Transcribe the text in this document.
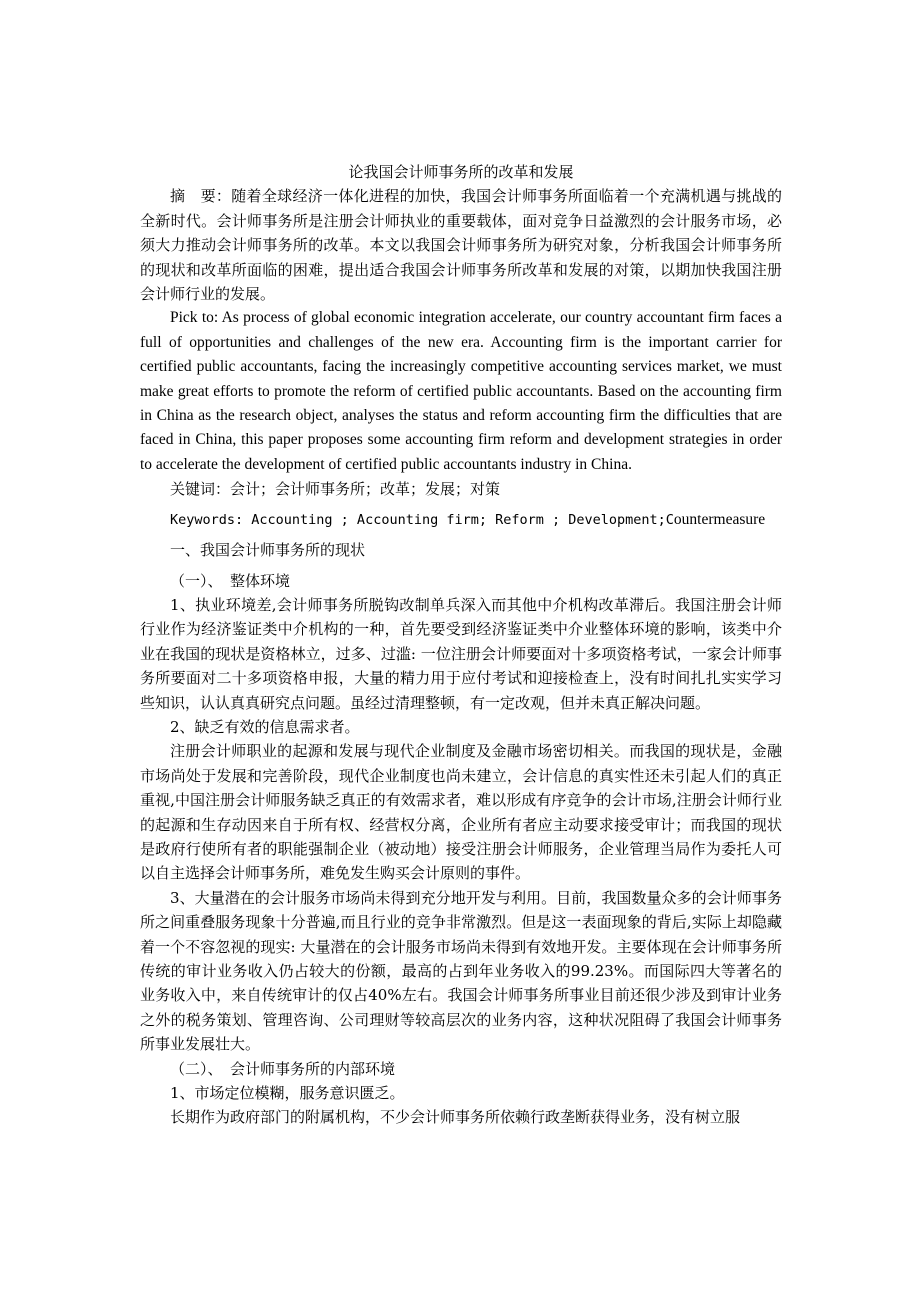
论我国会计师事务所的改革和发展

摘　要：随着全球经济一体化进程的加快，我国会计师事务所面临着一个充满机遇与挑战的全新时代。会计师事务所是注册会计师执业的重要载体，面对竞争日益激烈的会计服务市场，必须大力推动会计师事务所的改革。本文以我国会计师事务所为研究对象，分析我国会计师事务所的现状和改革所面临的困难，提出适合我国会计师事务所改革和发展的对策，以期加快我国注册会计师行业的发展。

Pick to: As process of global economic integration accelerate, our country accountant firm faces a full of opportunities and challenges of the new era. Accounting firm is the important carrier for certified public accountants, facing the increasingly competitive accounting services market, we must make great efforts to promote the reform of certified public accountants. Based on the accounting firm in China as the research object, analyses the status and reform accounting firm the difficulties that are faced in China, this paper proposes some accounting firm reform and development strategies in order to accelerate the development of certified public accountants industry in China.

关键词：会计；会计师事务所；改革；发展；对策

Keywords: Accounting ; Accounting firm; Reform ; Development;Countermeasure

一、我国会计师事务所的现状

（一）、　整体环境

1、执业环境差,会计师事务所脱钩改制单兵深入而其他中介机构改革滞后。我国注册会计师行业作为经济鉴证类中介机构的一种，首先要受到经济鉴证类中介业整体环境的影响，该类中介业在我国的现状是资格林立，过多、过滥: 一位注册会计师要面对十多项资格考试，一家会计师事务所要面对二十多项资格申报，大量的精力用于应付考试和迎接检查上，没有时间扎扎实实学习些知识，认认真真研究点问题。虽经过清理整顿，有一定改观，但并未真正解决问题。

2、缺乏有效的信息需求者。

注册会计师职业的起源和发展与现代企业制度及金融市场密切相关。而我国的现状是，金融市场尚处于发展和完善阶段，现代企业制度也尚未建立，会计信息的真实性还未引起人们的真正重视,中国注册会计师服务缺乏真正的有效需求者，难以形成有序竞争的会计市场,注册会计师行业的起源和生存动因来自于所有权、经营权分离，企业所有者应主动要求接受审计；而我国的现状是政府行使所有者的职能强制企业（被动地）接受注册会计师服务，企业管理当局作为委托人可以自主选择会计师事务所，难免发生购买会计原则的事件。

3、大量潜在的会计服务市场尚未得到充分地开发与利用。目前，我国数量众多的会计师事务所之间重叠服务现象十分普遍,而且行业的竞争非常激烈。但是这一表面现象的背后,实际上却隐藏着一个不容忽视的现实: 大量潜在的会计服务市场尚未得到有效地开发。主要体现在会计师事务所传统的审计业务收入仍占较大的份额，最高的占到年业务收入的99.23%。而国际四大等著名的业务收入中，来自传统审计的仅占40%左右。我国会计师事务所事业目前还很少涉及到审计业务之外的税务策划、管理咨询、公司理财等较高层次的业务内容，这种状况阻碍了我国会计师事务所事业发展壮大。

（二）、　会计师事务所的内部环境

1、市场定位模糊，服务意识匮乏。

长期作为政府部门的附属机构，不少会计师事务所依赖行政垄断获得业务，没有树立服
